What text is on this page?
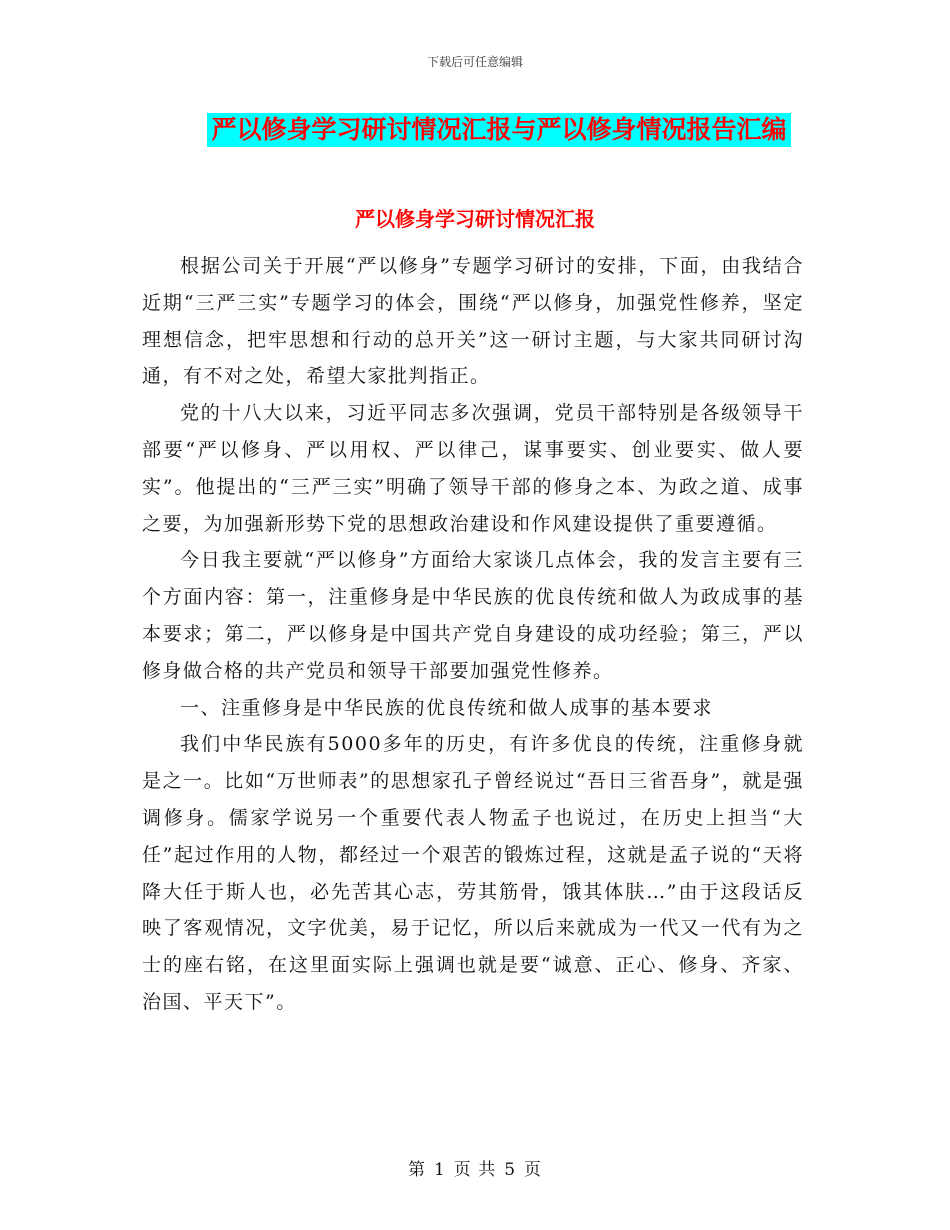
下载后可任意编辑
严以修身学习研讨情况汇报与严以修身情况报告汇编
严以修身学习研讨情况汇报

根据公司关于开展“严以修身”专题学习研讨的安排，下面，由我结合近期“三严三实”专题学习的体会，围绕“严以修身，加强党性修养，坚定理想信念，把牢思想和行动的总开关”这一研讨主题，与大家共同研讨沟通，有不对之处，希望大家批判指正。

党的十八大以来，习近平同志多次强调，党员干部特别是各级领导干部要“严以修身、严以用权、严以律己，谋事要实、创业要实、做人要实”。他提出的“三严三实”明确了领导干部的修身之本、为政之道、成事之要，为加强新形势下党的思想政治建设和作风建设提供了重要遵循。

今日我主要就“严以修身”方面给大家谈几点体会，我的发言主要有三个方面内容：第一，注重修身是中华民族的优良传统和做人为政成事的基本要求；第二，严以修身是中国共产党自身建设的成功经验；第三，严以修身做合格的共产党员和领导干部要加强党性修养。

一、注重修身是中华民族的优良传统和做人成事的基本要求

我们中华民族有5000多年的历史，有许多优良的传统，注重修身就是之一。比如“万世师表”的思想家孔子曾经说过“吾日三省吾身”，就是强调修身。儒家学说另一个重要代表人物孟子也说过，在历史上担当“大任”起过作用的人物，都经过一个艰苦的锻炼过程，这就是孟子说的“天将降大任于斯人也，必先苦其心志，劳其筋骨，饿其体肤…”由于这段话反映了客观情况，文字优美，易于记忆，所以后来就成为一代又一代有为之士的座右铭，在这里面实际上强调也就是要“诚意、正心、修身、齐家、治国、平天下”。

第 1 页 共 5 页
